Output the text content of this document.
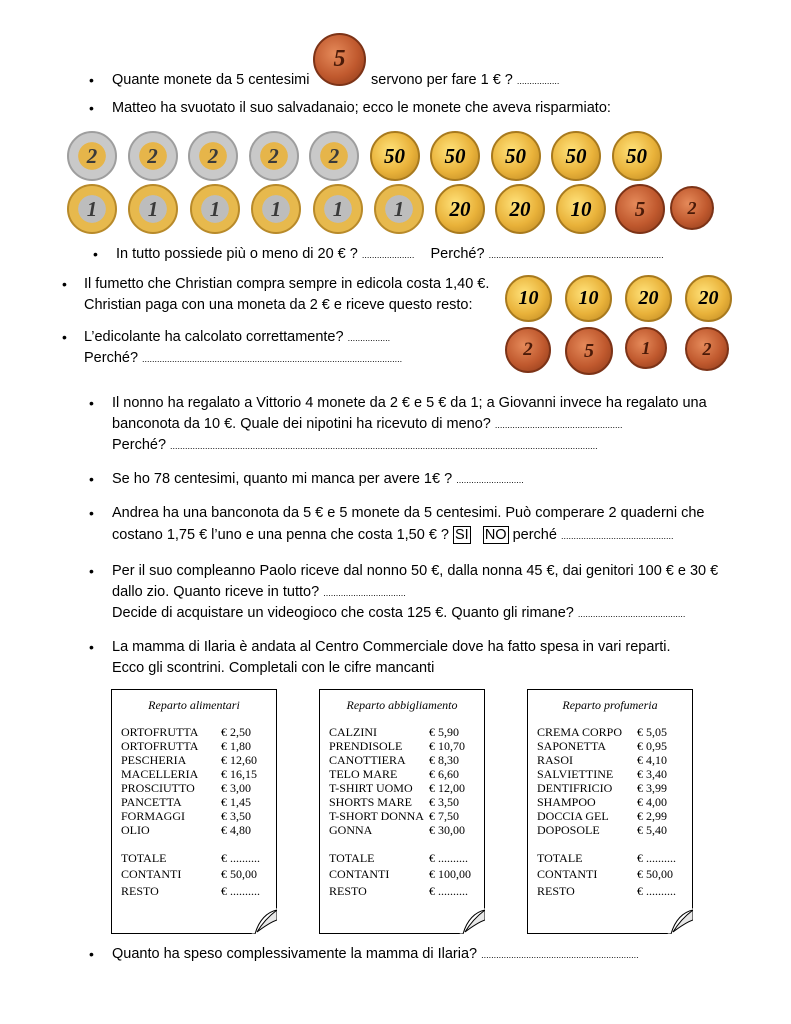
• Quante monete da 5 centesimi
5
servono per fare 1 € ? .................
• Matteo ha svuotato il suo salvadanaio; ecco le monete che aveva risparmiato:
2 2 2 2 2 50 50 50 50 50
1 1 1 1 1 1 20 20 10 5 2
• In tutto possiede più o meno di 20 € ? ..................... Perché? ......................................................................
• Il fumetto che Christian compra sempre in edicola costa 1,40 €.
Christian paga con una moneta da 2 € e riceve questo resto:
• L’edicolante ha calcolato correttamente? .................
Perché? ........................................................................................................
10 10 20 20
2	5	1	2
• Il nonno ha regalato a Vittorio 4 monete da 2 € e 5 € da 1; a Giovanni invece ha regalato una
banconota da 10 €. Quale dei nipotini ha ricevuto di meno? ...................................................
Perché? ...........................................................................................................................................................................
• Se ho 78 centesimi, quanto mi manca per avere 1€ ? ...........................
• Andrea ha una banconota da 5 € e 5 monete da 5 centesimi. Può comperare 2 quaderni che
costano 1,75 € l’uno e una penna che costa 1,50 € ? SI NO perché .............................................
• Per il suo compleanno Paolo riceve dal nonno 50 €, dalla nonna 45 €, dai genitori 100 € e 30 €
dallo zio. Quanto riceve in tutto? .................................
Decide di acquistare un videogioco che costa 125 €. Quanto gli rimane? ...........................................
• La mamma di Ilaria è andata al Centro Commerciale dove ha fatto spesa in vari reparti.
Ecco gli scontrini. Completali con le cifre mancanti
Reparto alimentari
ORTOFRUTTA € 2,50
ORTOFRUTTA € 1,80
PESCHERIA	€ 12,60
MACELLERIA € 16,15
PROSCIUTTO € 3,00
PANCETTA	€ 1,45
FORMAGGI	€ 3,50
OLIO	€ 4,80
TOTALE	€ ..........
CONTANTI	€ 50,00
RESTO	€ ..........
Reparto abbigliamento
CALZINI	€ 5,90
PRENDISOLE € 10,70
CANOTTIERA € 8,30
TELO MARE	€ 6,60
T-SHIRT UOMO € 12,00
SHORTS MARE € 3,50
T-SHORT DONNA € 7,50
GONNA	€ 30,00
TOTALE	€ ..........
CONTANTI	€ 100,00
RESTO	€ ..........
Reparto profumeria
CREMA CORPO € 5,05
SAPONETTA	€ 0,95
RASOI	€ 4,10
SALVIETTINE € 3,40
DENTIFRICIO € 3,99
SHAMPOO	€ 4,00
DOCCIA GEL € 2,99
DOPOSOLE	€ 5,40
TOTALE	€ ..........
CONTANTI	€ 50,00
RESTO	€ ..........
• Quanto ha speso complessivamente la mamma di Ilaria? ...............................................................
